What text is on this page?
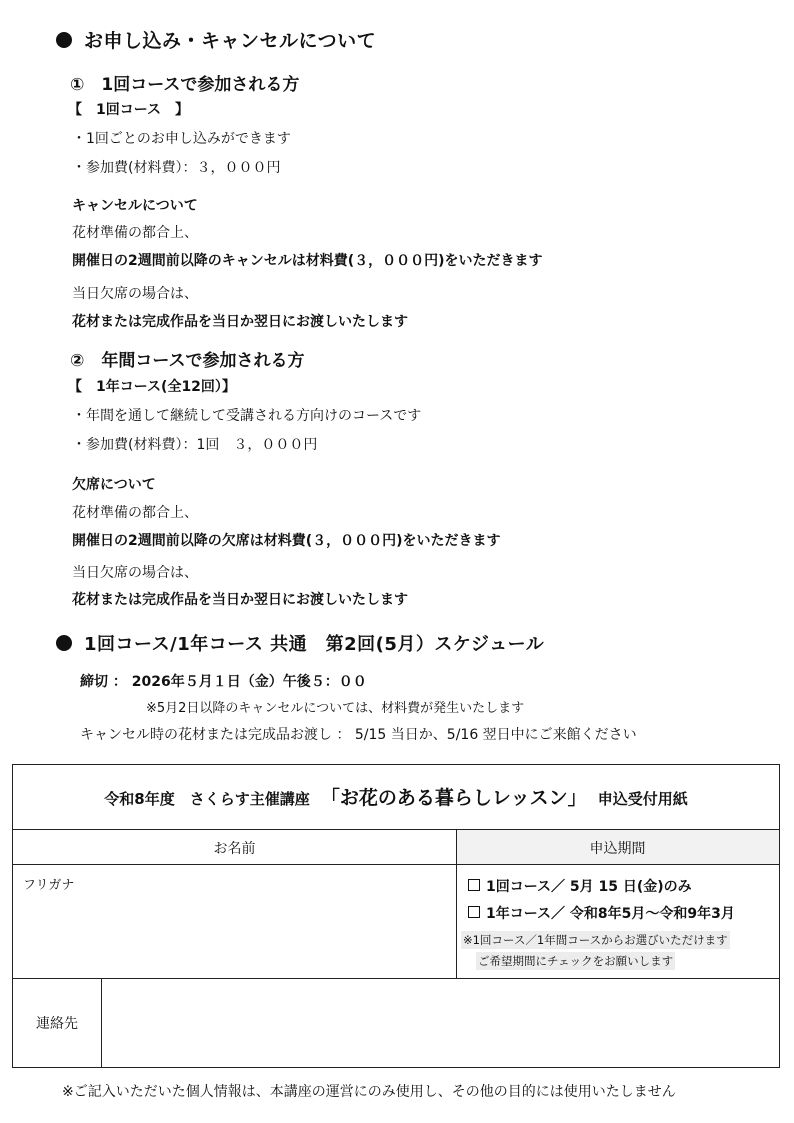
お申し込み・キャンセルについて
①　1回コースで参加される方
【　1回コース　】
・1回ごとのお申し込みができます
・参加費(材料費）：３，０００円
キャンセルについて
花材準備の都合上、
開催日の2週間前以降のキャンセルは材料費(３，０００円)をいただきます
当日欠席の場合は、
花材または完成作品を当日か翌日にお渡しいたします
②　年間コースで参加される方
【　1年コース(全12回）】
・年間を通して継続して受講される方向けのコースです
・参加費(材料費）：1回　３，０００円
欠席について
花材準備の都合上、
開催日の2週間前以降の欠席は材料費(３，０００円)をいただきます
当日欠席の場合は、
花材または完成作品を当日か翌日にお渡しいたします
1回コース/1年コース 共通　第2回(5月）スケジュール
締切 ： 2026年５月１日（金）午後５：００
※5月2日以降のキャンセルについては、材料費が発生いたします
キャンセル時の花材または完成品お渡し ： 5/15 当日か、5/16 翌日中にご来館ください
令和8年度　さくらす主催講座 「お花のある暮らしレッスン」 申込受付用紙
お名前	申込期間
フリガナ	1回コース／ 5月 15 日(金)のみ
1年コース／ 令和8年5月～令和9年3月
※1回コース／1年間コースからお選びいただけます
ご希望期間にチェックをお願いします
連絡先
※ご記入いただいた個人情報は、本講座の運営にのみ使用し、その他の目的には使用いたしません
